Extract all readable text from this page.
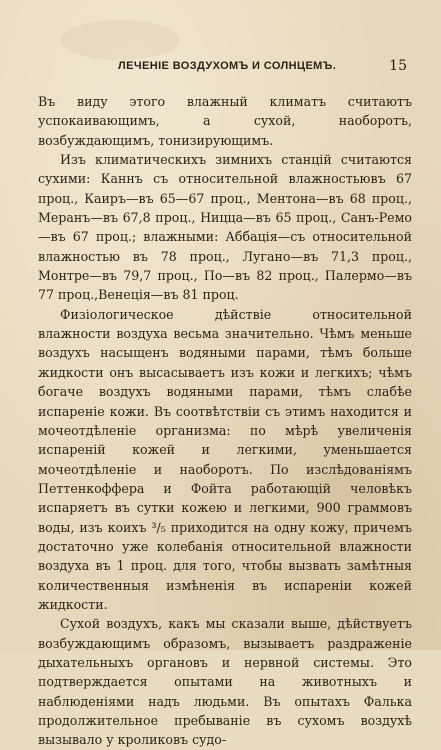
ЛЕЧЕНІЕ ВОЗДУХОМЪ И СОЛНЦЕМЪ.	15

Въ виду этого влажный климатъ считаютъ успокаивающимъ, а сухой, наоборотъ, возбуждающимъ, тонизирующимъ.

Изъ климатическихъ зимнихъ станцій считаются сухими: Каннъ съ относительной влажностьювъ 67 проц., Каиръ—въ 65—67 проц., Ментона—въ 68 проц., Меранъ—въ 67,8 проц., Ницца—въ 65 проц., Санъ-Ремо—въ 67 проц.; влажными: Аббація—съ относительной влажностью въ 78 проц., Лугано—въ 71,3 проц., Монтре—въ 79,7 проц., По—въ 82 проц., Палермо—въ 77 проц.,Венеція—въ 81 проц.

Физіологическое дѣйствіе относительной влажности воздуха весьма значительно. Чѣмъ меньше воздухъ насыщенъ водяными парами, тѣмъ больше жидкости онъ высасываетъ изъ кожи и легкихъ; чѣмъ богаче воздухъ водяными парами, тѣмъ слабѣе испареніе кожи. Въ соотвѣтствіи съ этимъ находится и мочеотдѣленіе организма: по мѣрѣ увеличенія испареній кожей и легкими, уменьшается мочеотдѣленіе и наоборотъ. По изслѣдованіямъ Петтенкоффера и Фойта работающій человѣкъ испаряетъ въ сутки кожею и легкими, 900 граммовъ воды, изъ коихъ ³/₅ приходится на одну кожу, причемъ достаточно уже колебанія относительной влажности воздуха въ 1 проц. для того, чтобы вызвать замѣтныя количественныя измѣненія въ испареніи кожей жидкости.

Сухой воздухъ, какъ мы сказали выше, дѣйствуетъ возбуждающимъ образомъ, вызываетъ раздраженіе дыхательныхъ органовъ и нервной системы. Это подтверждается опытами на животныхъ и наблюденіями надъ людьми. Въ опытахъ Фалька продолжительное пребываніе въ сухомъ воздухѣ вызывало у кроликовъ судо-
